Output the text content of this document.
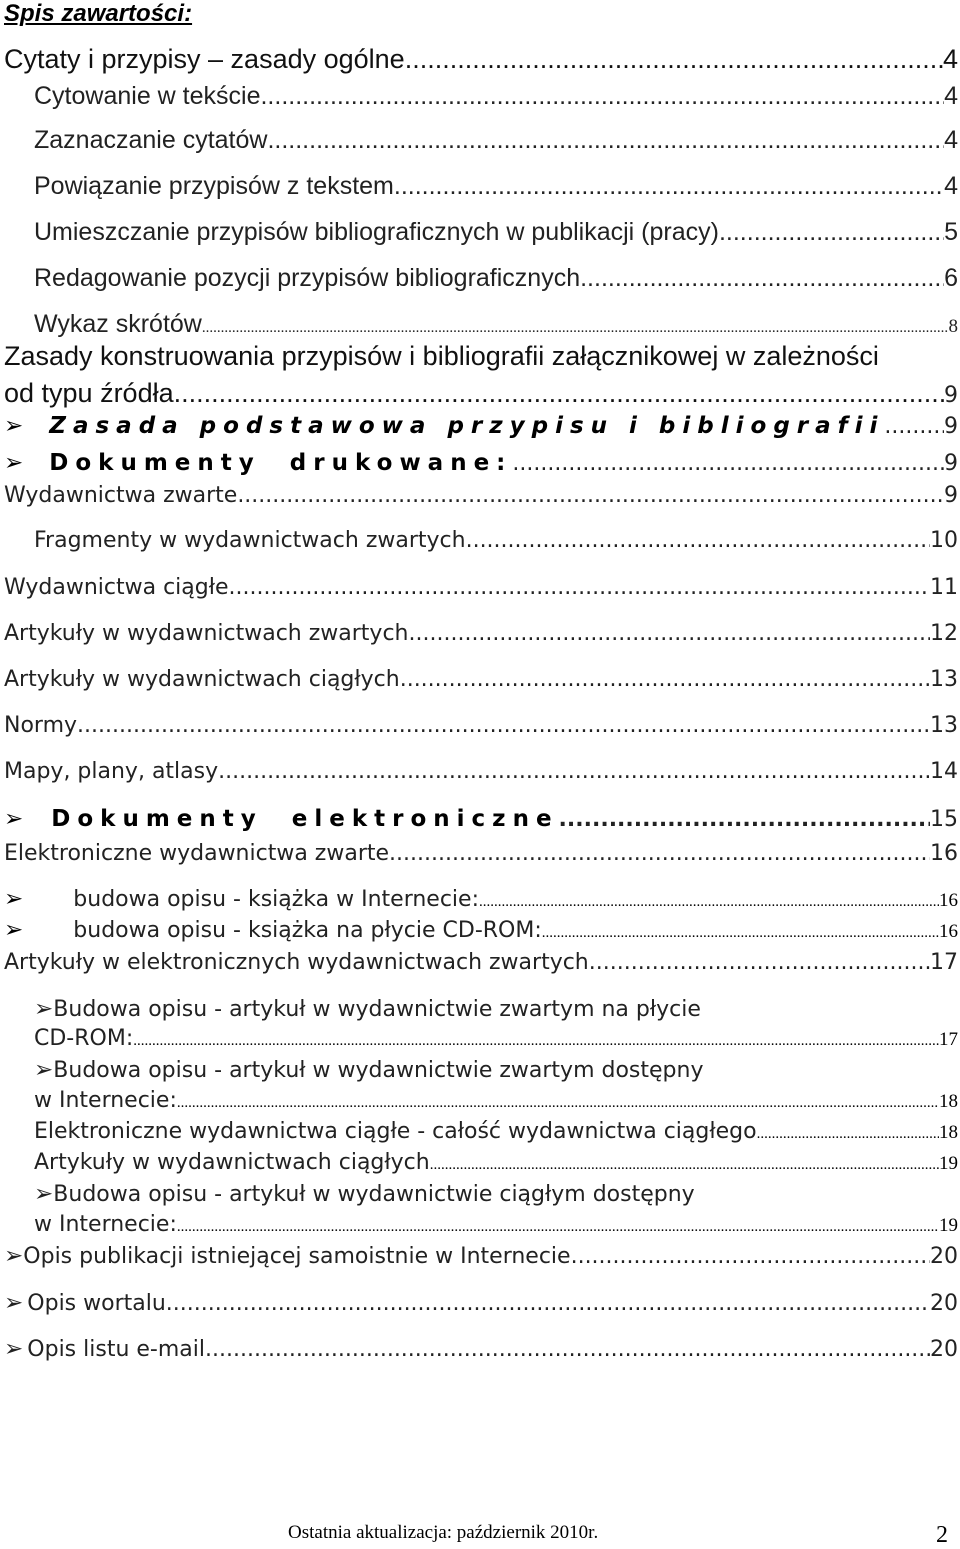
Spis zawartości:
Cytaty i przypisy – zasady ogólne .....	4
Cytowanie w tekście .....	4
Zaznaczanie cytatów .....	4
Powiązanie przypisów z tekstem .....	4
Umieszczanie przypisów bibliograficznych w publikacji (pracy) .....	5
Redagowanie pozycji przypisów bibliograficznych .....	6
Wykaz skrótów .....	8
Zasady konstruowania przypisów i bibliografii załącznikowej w zależności
od typu źródła. .....	9
➢ Zasada podstawowa przypisu i bibliografii .....	9
➢ Dokumenty drukowane: .....	9
Wydawnictwa zwarte .....	9
Fragmenty w wydawnictwach zwartych .....	10
Wydawnictwa ciągłe .....	11
Artykuły w wydawnictwach zwartych .....	12
Artykuły w wydawnictwach ciągłych .....	13
Normy .....	13
Mapy, plany, atlasy .....	14
➢ Dokumenty elektroniczne .....	15
Elektroniczne wydawnictwa zwarte .....	16
➢ budowa opisu - książka w Internecie: .....	16
➢ budowa opisu - książka na płycie CD-ROM: .....	16
Artykuły w elektronicznych wydawnictwach zwartych .....	17
➢Budowa opisu - artykuł w wydawnictwie zwartym na płycie
CD-ROM: .....	17
➢Budowa opisu - artykuł w wydawnictwie zwartym dostępny
w Internecie: .....	18
Elektroniczne wydawnictwa ciągłe - całość wydawnictwa ciągłego .....	18
Artykuły w wydawnictwach ciągłych .....	19
➢Budowa opisu - artykuł w wydawnictwie ciągłym dostępny
w Internecie: .....	19
➢ Opis publikacji istniejącej samoistnie w Internecie .....	20
➢ Opis wortalu .....	20
➢ Opis listu e-mail .....	20
Ostatnia aktualizacja: październik 2010r.	2
